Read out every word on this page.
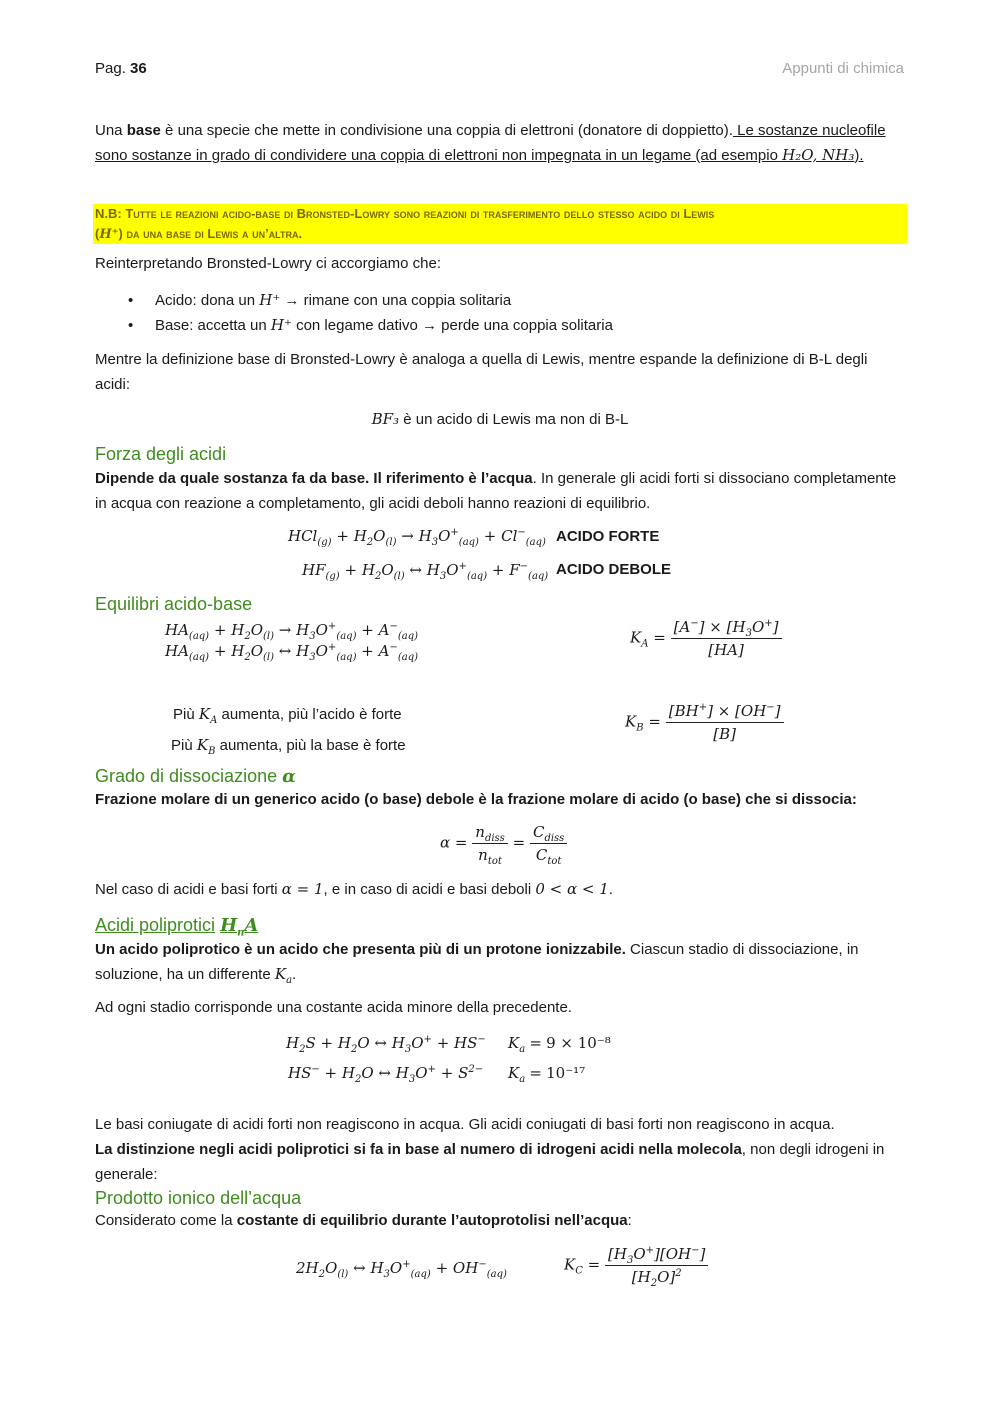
Pag. 36	Appunti di chimica
Una base è una specie che mette in condivisione una coppia di elettroni (donatore di doppietto). Le sostanze nucleofile sono sostanze in grado di condividere una coppia di elettroni non impegnata in un legame (ad esempio H₂O, NH₃).
N.B: Tutte le reazioni acido-base di Bronsted-Lowry sono reazioni di trasferimento dello stesso acido di Lewis
(H⁺) da una base di Lewis a un’altra.
Reinterpretando Bronsted-Lowry ci accorgiamo che:
• Acido: dona un H⁺ → rimane con una coppia solitaria
• Base: accetta un H⁺ con legame dativo → perde una coppia solitaria
Mentre la definizione base di Bronsted-Lowry è analoga a quella di Lewis, mentre espande la definizione di B-L degli acidi:
BF₃ è un acido di Lewis ma non di B-L
Forza degli acidi
Dipende da quale sostanza fa da base. Il riferimento è l’acqua. In generale gli acidi forti si dissociano completamente in acqua con reazione a completamento, gli acidi deboli hanno reazioni di equilibrio.
$HCl_{(g)} + H_2O_{(l)} \to H_3O^+_{(aq)} + Cl^-_{(aq)}$ ACIDO FORTE
$HF_{(g)} + H_2O_{(l)}$ ↔ $H_3O^+_{(aq)} + F^-_{(aq)}$ ACIDO DEBOLE
Equilibri acido-base
$HA_{(aq)} + H_2O_{(l)} \to H_3O^+_{(aq)} + A^-_{(aq)}$
$HA_{(aq)} + H_2O_{(l)}$ ↔ $H_3O^+_{(aq)} + A^-_{(aq)}$
$K_A = \frac{[A^-] \times [H_3O^+]}{[HA]}$
$K_B = \frac{[BH^+] \times [OH^-]}{[B]}$
Più $K_A$ aumenta, più l’acido è forte
Più $K_B$ aumenta, più la base è forte
Grado di dissociazione α
Frazione molare di un generico acido (o base) debole è la frazione molare di acido (o base) che si dissocia:
$\alpha = \frac{n_{diss}}{n_{tot}} = \frac{C_{diss}}{C_{tot}}$
Nel caso di acidi e basi forti α = 1, e in caso di acidi e basi deboli 0 < α < 1.
Acidi poliprotici $H_nA$
Un acido poliprotico è un acido che presenta più di un protone ionizzabile. Ciascun stadio di dissociazione, in soluzione, ha un differente $K_a$.
Ad ogni stadio corrisponde una costante acida minore della precedente.
$H_2S + H_2O$ ↔ $H_3O^+ + HS^-$ $K_a = 9 \times 10^{-8}$
$HS^- + H_2O$ ↔ $H_3O^+ + S^{2-}$ $K_a = 10^{-17}$
Le basi coniugate di acidi forti non reagiscono in acqua. Gli acidi coniugati di basi forti non reagiscono in acqua.
La distinzione negli acidi poliprotici si fa in base al numero di idrogeni acidi nella molecola, non degli idrogeni in generale:
Prodotto ionico dell’acqua
Considerato come la costante di equilibrio durante l’autoprotolisi nell’acqua:
$2H_2O_{(l)}$ ↔ $H_3O^+_{(aq)} + OH^-_{(aq)}$
$K_C = \frac{[H_3O^+][OH^-]}{[H_2O]^2}$
